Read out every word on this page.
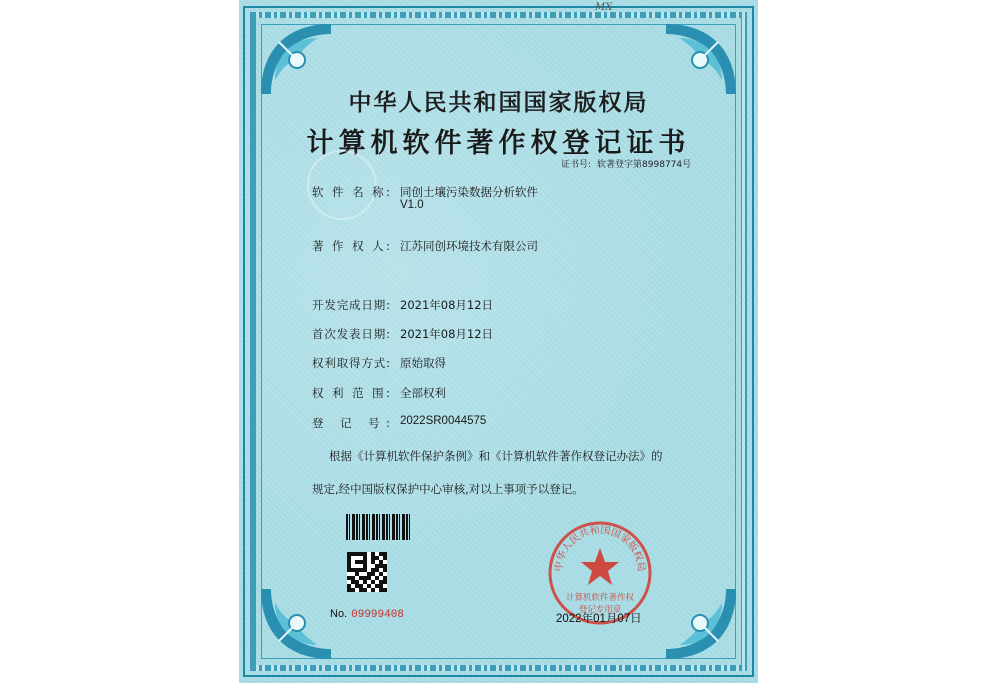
MX
中华人民共和国国家版权局
计算机软件著作权登记证书
证书号: 软著登字第8998774号
软 件 名 称: 同创土壤污染数据分析软件
V1.0
著 作 权 人: 江苏同创环境技术有限公司
开发完成日期: 2021年08月12日
首次发表日期: 2021年08月12日
权利取得方式: 原始取得
权 利 范 围: 全部权利
登 记 号: 2022SR0044575
根据《计算机软件保护条例》和《计算机软件著作权登记办法》的
规定,经中国版权保护中心审核,对以上事项予以登记。
No. 09999408
中华人民共和国国家版权局
计算机软件著作权
登记专用章
2022年01月07日
